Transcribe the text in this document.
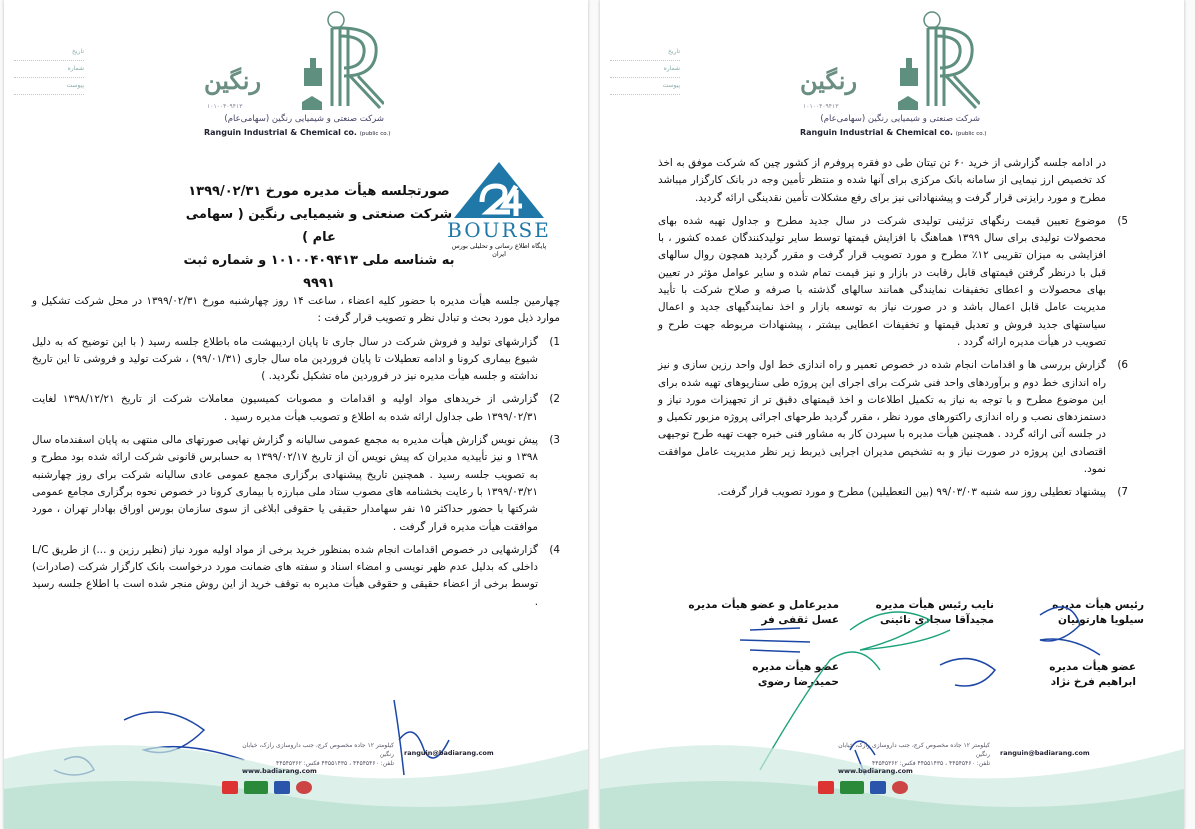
تاریخ
شماره
پیوست	رنگین
۱۰۱۰۰۴۰۹۴۱۳
شرکت صنعتی و شیمیایی رنگین (سهامی‌عام)
Ranguin Industrial & Chemical co. (public co.)
صورتجلسه هیأت مدیره مورخ ۱۳۹۹/۰۲/۳۱
شرکت صنعتی و شیمیایی رنگین ( سهامی عام )
به شناسه ملی ۱۰۱۰۰۴۰۹۴۱۳ و شماره ثبت ۹۹۹۱
BOURSE
پایگاه اطلاع رسانی و تحلیلی بورس ایران

چهارمین جلسه هیأت مدیره با حضور کلیه اعضاء ، ساعت ۱۴ روز چهارشنبه مورخ ۱۳۹۹/۰۲/۳۱ در محل شرکت تشکیل و موارد ذیل مورد بحث و تبادل نظر و تصویب قرار گرفت :

1)
گزارشهای تولید و فروش شرکت در سال جاری تا پایان اردیبهشت ماه باطلاع جلسه رسید ( با این توضیح که به دلیل شیوع بیماری کرونا و ادامه تعطیلات تا پایان فروردین ماه سال جاری (۹۹/۰۱/۳۱) ، شرکت تولید و فروشی تا این تاریخ نداشته و جلسه هیأت مدیره نیز در فروردین ماه تشکیل نگردید. )
2)
گزارشی از خریدهای مواد اولیه و اقدامات و مصوبات کمیسیون معاملات شرکت از تاریخ ۱۳۹۸/۱۲/۲۱ لغایت ۱۳۹۹/۰۲/۳۱ طی جداول ارائه شده به اطلاع و تصویب هیأت مدیره رسید .
3)
پیش نویس گزارش هیأت مدیره به مجمع عمومی سالیانه و گزارش نهایی صورتهای مالی منتهی به پایان اسفندماه سال ۱۳۹۸ و نیز تأییدیه مدیران که پیش نویس آن از تاریخ ۱۳۹۹/۰۲/۱۷ به حسابرس قانونی شرکت ارائه شده بود مطرح و به تصویب جلسه رسید . همچنین تاریخ پیشنهادی برگزاری مجمع عمومی عادی سالیانه شرکت برای روز چهارشنبه ۱۳۹۹/۰۳/۲۱ با رعایت بخشنامه های مصوب ستاد ملی مبارزه با بیماری کرونا در خصوص نحوه برگزاری مجامع عمومی شرکتها با حضور حداکثر ۱۵ نفر سهامدار حقیقی یا حقوقی ابلاغی از سوی سازمان بورس اوراق بهادار تهران ، مورد موافقت هیأت مدیره قرار گرفت .
4)
گزارشهایی در خصوص اقدامات انجام شده بمنظور خرید برخی از مواد اولیه مورد نیاز (نظیر رزین و ...) از طریق L/C داخلی که بدلیل عدم ظهر نویسی و امضاء اسناد و سفته های ضمانت مورد درخواست بانک کارگزار شرکت (صادرات) توسط برخی از اعضاء حقیقی و حقوقی هیأت مدیره به توقف خرید از این روش منجر شده است با اطلاع جلسه رسید .
کیلومتر ۱۲ جاده مخصوص کرج، جنب داروسازی رازک، خیابان رنگین
تلفن: ۴۴۵۴۵۴۶۰ ، ۴۴۵۵۱۴۳۵ فکس: ۴۴۵۴۵۳۶۲
www.badiarang.com
ranguin@badiarang.com
تاریخ
شماره
پیوست	رنگین
۱۰۱۰۰۴۰۹۴۱۳
شرکت صنعتی و شیمیایی رنگین (سهامی‌عام)
Ranguin Industrial & Chemical co. (public co.)
در ادامه جلسه گزارشی از خرید ۶۰ تن تیتان طی دو فقره پروفرم از کشور چین که شرکت موفق به اخذ کد تخصیص ارز نیمایی از سامانه بانک مرکزی برای آنها شده و منتظر تأمین وجه در بانک کارگزار میباشد مطرح و مورد رایزنی قرار گرفت و پیشنهاداتی نیز برای رفع مشکلات تأمین نقدینگی ارائه گردید.
5)
موضوع تعیین قیمت رنگهای تزئینی تولیدی شرکت در سال جدید مطرح و جداول تهیه شده بهای محصولات تولیدی برای سال ۱۳۹۹ هماهنگ با افزایش قیمتها توسط سایر تولیدکنندگان عمده کشور ، با افزایشی به میزان تقریبی ۱۲٪ مطرح و مورد تصویب قرار گرفت و مقرر گردید همچون روال سالهای قبل با درنظر گرفتن قیمتهای قابل رقابت در بازار و نیز قیمت تمام شده و سایر عوامل مؤثر در تعیین بهای محصولات و اعطای تخفیفات نمایندگی همانند سالهای گذشته با صرفه و صلاح شرکت با تأیید مدیریت عامل قابل اعمال باشد و در صورت نیاز به توسعه بازار و اخذ نمایندگیهای جدید و اعمال سیاستهای جدید فروش و تعدیل قیمتها و تخفیفات اعطایی بیشتر ، پیشنهادات مربوطه جهت طرح و تصویب در هیأت مدیره ارائه گردد .
6)
گزارش بررسی ها و اقدامات انجام شده در خصوص تعمیر و راه اندازی خط اول واحد رزین سازی و نیز راه اندازی خط دوم و برآوردهای واحد فنی شرکت برای اجرای این پروژه طی سناریوهای تهیه شده برای این موضوع مطرح و با توجه به نیاز به تکمیل اطلاعات و اخذ قیمتهای دقیق تر از تجهیزات مورد نیاز و دستمزدهای نصب و راه اندازی راکتورهای مورد نظر ، مقرر گردید طرحهای اجرائی پروژه مزبور تکمیل و در جلسه آتی ارائه گردد . همچنین هیأت مدیره با سپردن کار به مشاور فنی خبره جهت تهیه طرح توجیهی اقتصادی این پروژه در صورت نیاز و به تشخیص مدیران اجرایی ذیربط زیر نظر مدیریت عامل موافقت نمود.
7)
پیشنهاد تعطیلی روز سه شنبه ۹۹/۰۳/۰۳ (بین التعطیلین) مطرح و مورد تصویب قرار گرفت.
رئیس هیأت مدیره
سیلویا هارتونیان
نایب رئیس هیأت مدیره
مجیدآقا سجادی نائینی
مدیرعامل و عضو هیأت مدیره
عسل ثقفی فر
عضو هیأت مدیره
ابراهیم فرخ نژاد
عضو هیأت مدیره
حمیدرضا رضوی
کیلومتر ۱۲ جاده مخصوص کرج، جنب داروسازی رازک، خیابان رنگین
تلفن: ۴۴۵۴۵۴۶۰ ، ۴۴۵۵۱۴۳۵ فکس: ۴۴۵۴۵۳۶۲
www.badiarang.com
ranguin@badiarang.com
